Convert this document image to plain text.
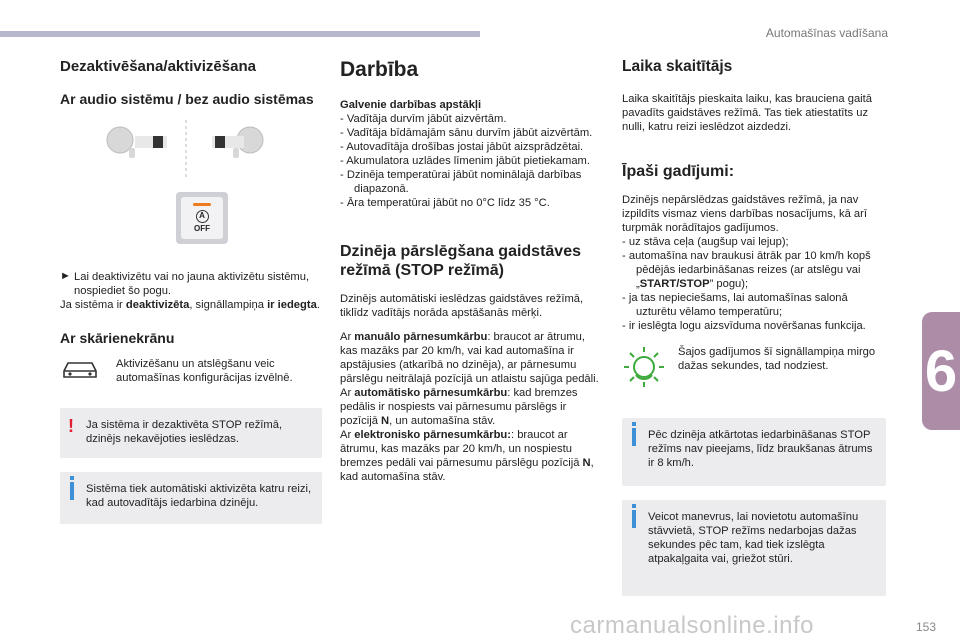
Automašīnas vadīšana
6
153
carmanualsonline.info
Dezaktivēšana/aktivizēšana
Ar audio sistēmu / bez audio sistēmas
A
OFF
► Lai deaktivizētu vai no jauna aktivizētu sistēmu, nospiediet šo pogu.

Ja sistēma ir deaktivizēta, signāllampiņa ir iedegta.

Ar skārienekrānu

Aktivizēšanu un atslēgšanu veic automašīnas konfigurācijas izvēlnē.

! Ja sistēma ir dezaktivēta STOP režīmā, dzinējs nekavējoties ieslēdzas.

Sistēma tiek automātiski aktivizēta katru reizi, kad autovadītājs iedarbina dzinēju.

Darbība

Galvenie darbības apstākļi

- Vadītāja durvīm jābūt aizvērtām.
- Vadītāja bīdāmajām sānu durvīm jābūt aizvērtām.
- Autovadītāja drošības jostai jābūt aizsprādzētai.
- Akumulatora uzlādes līmenim jābūt pietiekamam.
- Dzinēja temperatūrai jābūt nominālajā darbības diapazonā.
- Āra temperatūrai jābūt no 0°C līdz 35 °C.
Dzinēja pārslēgšana gaidstāves režīmā (STOP režīmā)

Dzinējs automātiski ieslēdzas gaidstāves režīmā, tiklīdz vadītājs norāda apstāšanās mērķi.

Ar manuālo pārnesumkārbu: braucot ar ātrumu, kas mazāks par 20 km/h, vai kad automašīna ir apstājusies (atkarībā no dzinēja), ar pārnesumu pārslēgu neitrālajā pozīcijā un atlaistu sajūga pedāli.

Ar automātisko pārnesumkārbu: kad bremzes pedālis ir nospiests vai pārnesumu pārslēgs ir pozīcijā N, un automašīna stāv.

Ar elektronisko pārnesumkārbu:: braucot ar ātrumu, kas mazāks par 20 km/h, un nospiestu bremzes pedāli vai pārnesumu pārslēgu pozīcijā N, kad automašīna stāv.

Laika skaitītājs

Laika skaitītājs pieskaita laiku, kas brauciena gaitā pavadīts gaidstāves režīmā. Tas tiek atiestatīts uz nulli, katru reizi ieslēdzot aizdedzi.

Īpaši gadījumi:

Dzinējs nepārslēdzas gaidstāves režīmā, ja nav izpildīts vismaz viens darbības nosacījums, kā arī turpmāk norādītajos gadījumos.

- uz stāva ceļa (augšup vai lejup);
- automašīna nav braukusi ātrāk par 10 km/h kopš pēdējās iedarbināšanas reizes (ar atslēgu vai „START/STOP” pogu);
- ja tas nepieciešams, lai automašīnas salonā uzturētu vēlamo temperatūru;
- ir ieslēgta logu aizsvīduma novēršanas funkcija.

Šajos gadījumos šī signāllampiņa mirgo dažas sekundes, tad nodziest.

Pēc dzinēja atkārtotas iedarbināšanas STOP režīms nav pieejams, līdz braukšanas ātrums ir 8 km/h.

Veicot manevrus, lai novietotu automašīnu stāvvietā, STOP režīms nedarbojas dažas sekundes pēc tam, kad tiek izslēgta atpakaļgaita vai, griežot stūri.
